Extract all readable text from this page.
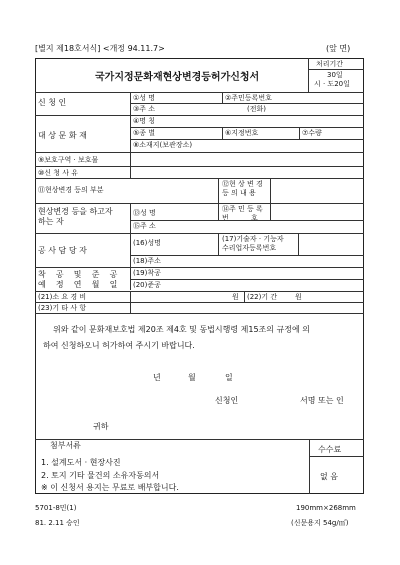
[별지 제18호서식] <개정 94.11.7>	(앞 면)
국가지정문화재현상변경등허가신청서
처리기간
30일
시 · 도20일
신 청 인	①성 명	②주민등록번호
③주 소	(전화)
대 상 문 화 재
④명 칭
⑤종 별	⑥지정번호	⑦수량
⑧소재지(보관장소)
⑨보호구역 · 보호물
⑩신 청 사 유
⑪현상변경 등의 부분
⑫현 상 변 경
등 의 내 용
현상변경 등을 하고자
하는 자
⑬성 명	⑭주 민 등 록
번          호
⑮주 소
공 사 담 당 자
(16)성명	(17)기술자 · 기능자
수리업자등록번호
(18)주소
착    공    및    준    공
예    정    연    월    일
(19)착공
(20)준공
(21)소 요 경 비	원 (22)기 간	원
(23)기 타 사 항
위와 같이 문화재보호법 제20조 제4호 및 동법시행령 제15조의 규정에 의
하여 신청하오니 허가하여 주시기 바랍니다.
년	월	일
신청인	서명 또는 인
귀하
첨부서류	수수료
1. 설계도서 · 현장사진
2. 토지 기타 물건의 소유자동의서	없 음
※ 이 신청서 용지는 무료로 배부합니다.
5701-8민(1)	190mm×268mm
81. 2.11 승인	(신문용지 54g/㎡)
